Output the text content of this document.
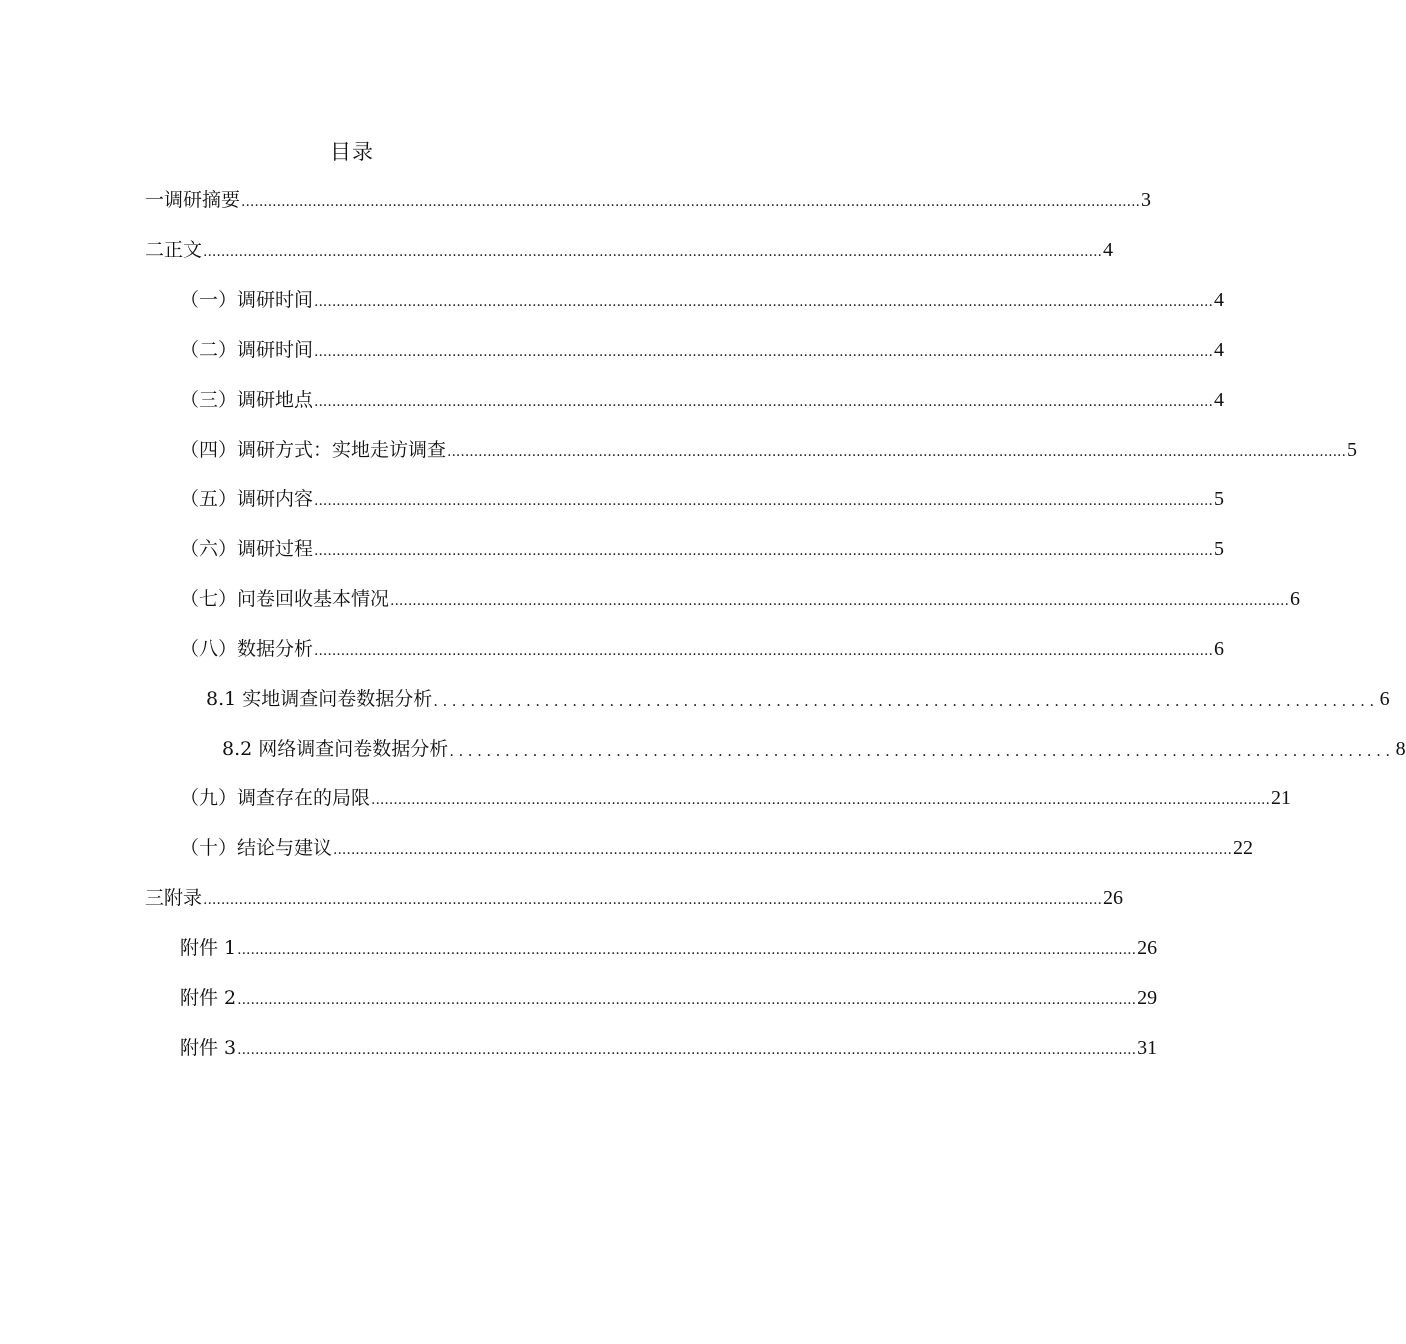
目录
一 调研摘要 .......................................................................................................................................................................................................... 3
二 正文 .......................................................................................................................................................................................................... 4
（一）调研时间 .......................................................................................................................................................................................................... 4
（二）调研时间 .......................................................................................................................................................................................................... 4
（三）调研地点 .......................................................................................................................................................................................................... 4
（四）调研方式：实地走访调查 .......................................................................................................................................................................................................... 5
（五）调研内容 .......................................................................................................................................................................................................... 5
（六）调研过程 .......................................................................................................................................................................................................... 5
（七）问卷回收基本情况 .......................................................................................................................................................................................................... 6
（八）数据分析 .......................................................................................................................................................................................................... 6
8.1 实地调查问卷数据分析 ...................................................................................................... 6
8.2 网络调查问卷数据分析 ...................................................................................................... 8
（九）调查存在的局限 .......................................................................................................................................................................................................... 21
（十）结论与建议 .......................................................................................................................................................................................................... 22
三 附录 .......................................................................................................................................................................................................... 26
附件 1 .......................................................................................................................................................................................................... 26
附件 2 .......................................................................................................................................................................................................... 29
附件 3 .......................................................................................................................................................................................................... 31
